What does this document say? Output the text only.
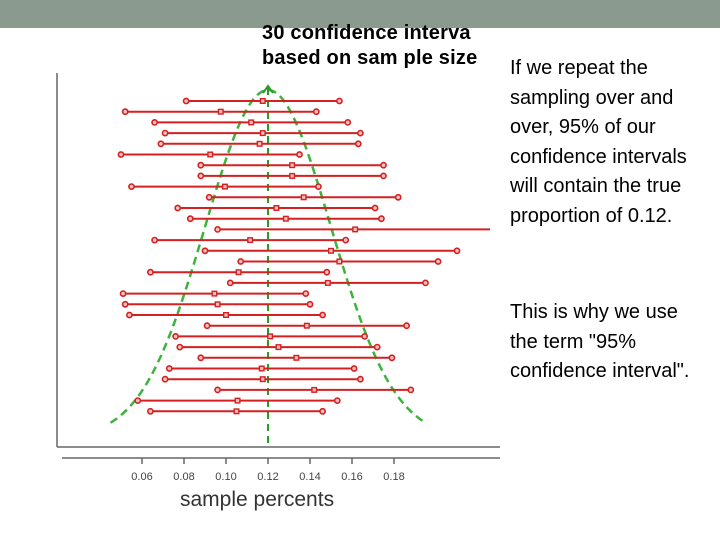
30 confidence interva
based on sam ple size
0.06 0.08 0.10 0.12 0.14 0.16 0.18
sample percents

If we repeat the sampling over and over, 95% of our confidence intervals will contain the true proportion of 0.12.

This is why we use the term "95% confidence interval".
